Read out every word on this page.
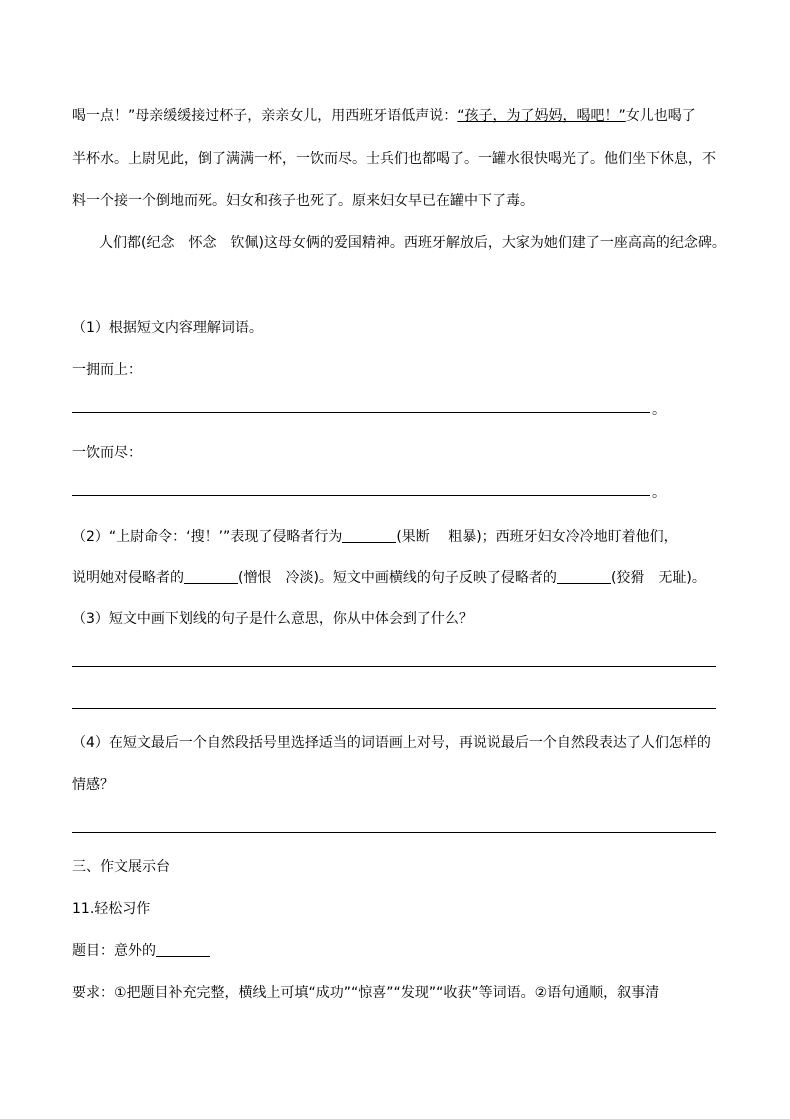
喝一点！”母亲缓缓接过杯子，亲亲女儿，用西班牙语低声说：“孩子，为了妈妈，喝吧！”女儿也喝了
半杯水。上尉见此，倒了满满一杯，一饮而尽。士兵们也都喝了。一罐水很快喝光了。他们坐下休息，不
料一个接一个倒地而死。妇女和孩子也死了。原来妇女早已在罐中下了毒。
人们都(纪念　怀念　钦佩)这母女俩的爱国精神。西班牙解放后，大家为她们建了一座高高的纪念碑。
（1）根据短文内容理解词语。
一拥而上：
。
一饮而尽：
。
（2）“上尉命令：‘搜！’”表现了侵略者行为	(果断　 粗暴)；西班牙妇女冷冷地盯着他们，
说明她对侵略者的	(憎恨　冷淡)。短文中画横线的句子反映了侵略者的	(狡猾　无耻)。
（3）短文中画下划线的句子是什么意思，你从中体会到了什么？
（4）在短文最后一个自然段括号里选择适当的词语画上对号，再说说最后一个自然段表达了人们怎样的
情感？
三、作文展示台
11.轻松习作
题目：意外的
要求：①把题目补充完整，横线上可填“成功”“惊喜”“发现”“收获”等词语。②语句通顺，叙事清
